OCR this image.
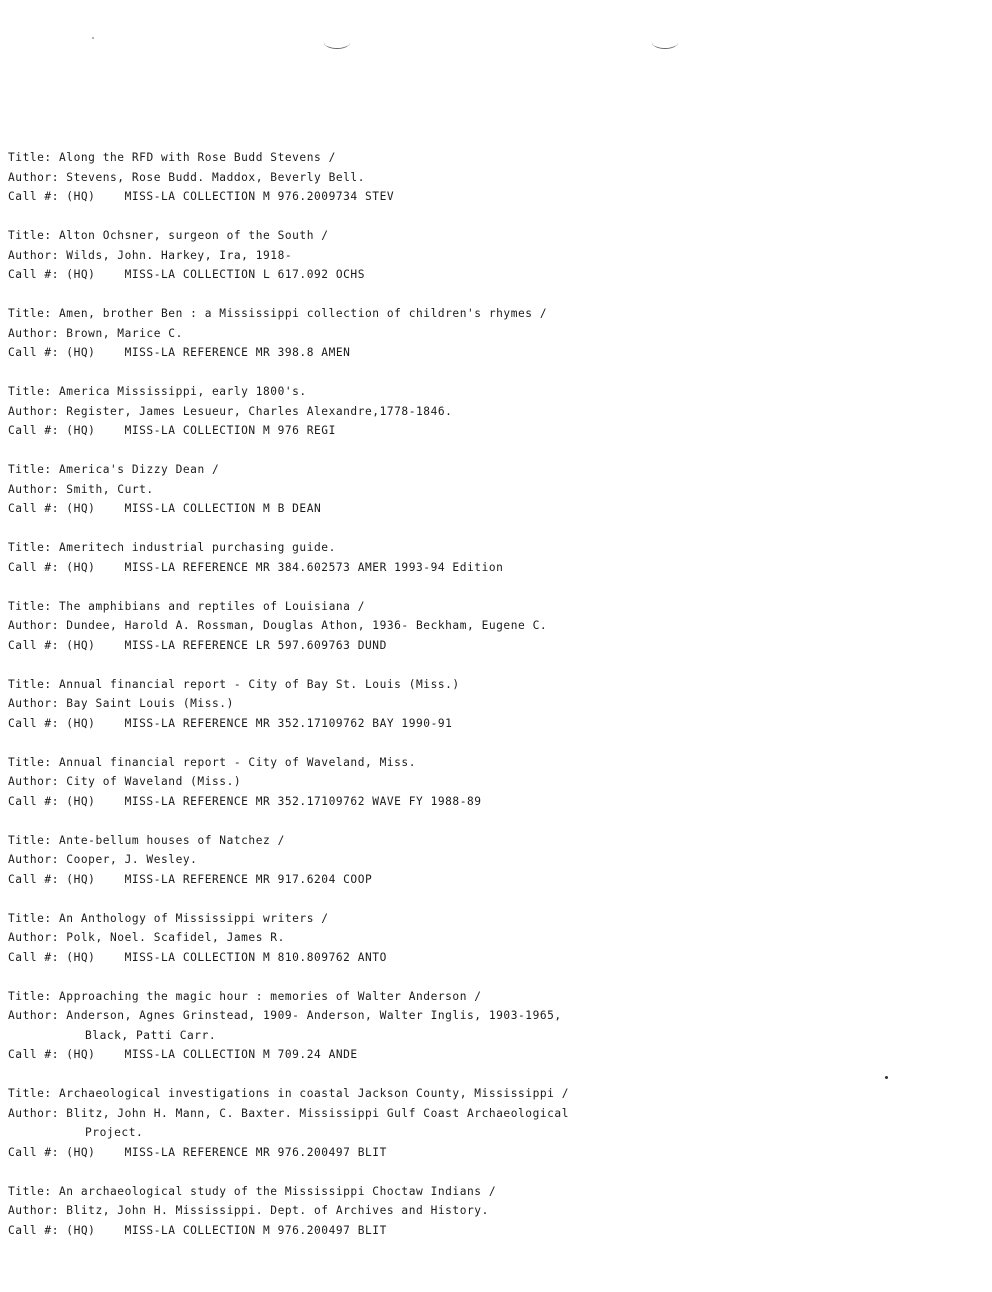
Title: Along the RFD with Rose Budd Stevens /
Author: Stevens, Rose Budd. Maddox, Beverly Bell.
Call #: (HQ)    MISS-LA COLLECTION M 976.2009734 STEV
Title: Alton Ochsner, surgeon of the South /
Author: Wilds, John. Harkey, Ira, 1918-
Call #: (HQ)    MISS-LA COLLECTION L 617.092 OCHS
Title: Amen, brother Ben : a Mississippi collection of children's rhymes /
Author: Brown, Marice C.
Call #: (HQ)    MISS-LA REFERENCE MR 398.8 AMEN
Title: America Mississippi, early 1800's.
Author: Register, James Lesueur, Charles Alexandre,1778-1846.
Call #: (HQ)    MISS-LA COLLECTION M 976 REGI
Title: America's Dizzy Dean /
Author: Smith, Curt.
Call #: (HQ)    MISS-LA COLLECTION M B DEAN
Title: Ameritech industrial purchasing guide.
Call #: (HQ)    MISS-LA REFERENCE MR 384.602573 AMER 1993-94 Edition
Title: The amphibians and reptiles of Louisiana /
Author: Dundee, Harold A. Rossman, Douglas Athon, 1936- Beckham, Eugene C.
Call #: (HQ)    MISS-LA REFERENCE LR 597.609763 DUND
Title: Annual financial report - City of Bay St. Louis (Miss.)
Author: Bay Saint Louis (Miss.)
Call #: (HQ)    MISS-LA REFERENCE MR 352.17109762 BAY 1990-91
Title: Annual financial report - City of Waveland, Miss.
Author: City of Waveland (Miss.)
Call #: (HQ)    MISS-LA REFERENCE MR 352.17109762 WAVE FY 1988-89
Title: Ante-bellum houses of Natchez /
Author: Cooper, J. Wesley.
Call #: (HQ)    MISS-LA REFERENCE MR 917.6204 COOP
Title: An Anthology of Mississippi writers /
Author: Polk, Noel. Scafidel, James R.
Call #: (HQ)    MISS-LA COLLECTION M 810.809762 ANTO
Title: Approaching the magic hour : memories of Walter Anderson /
Author: Anderson, Agnes Grinstead, 1909- Anderson, Walter Inglis, 1903-1965,
Black, Patti Carr.
Call #: (HQ)    MISS-LA COLLECTION M 709.24 ANDE
Title: Archaeological investigations in coastal Jackson County, Mississippi /
Author: Blitz, John H. Mann, C. Baxter. Mississippi Gulf Coast Archaeological
Project.
Call #: (HQ)    MISS-LA REFERENCE MR 976.200497 BLIT
Title: An archaeological study of the Mississippi Choctaw Indians /
Author: Blitz, John H. Mississippi. Dept. of Archives and History.
Call #: (HQ)    MISS-LA COLLECTION M 976.200497 BLIT
